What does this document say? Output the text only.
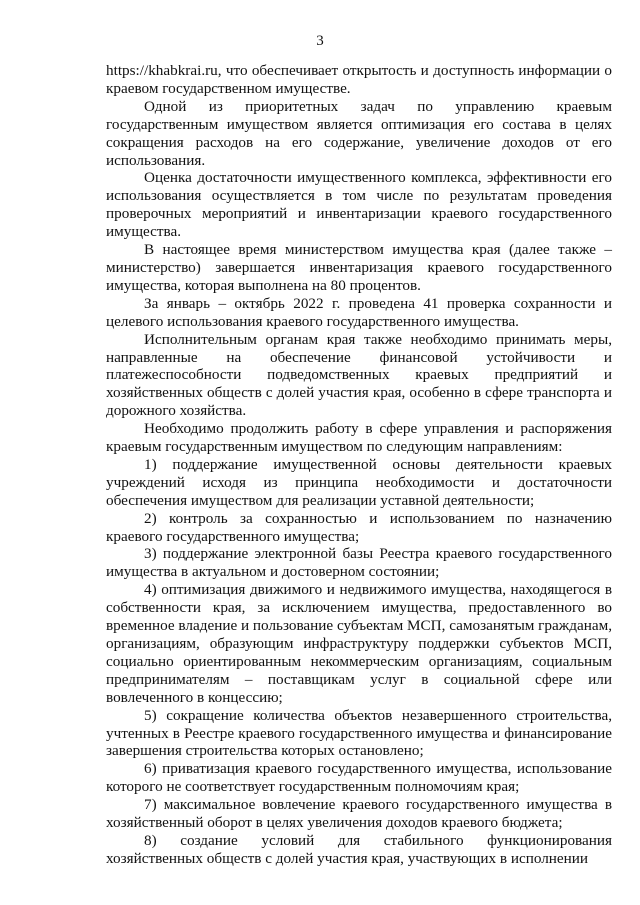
3

https://khabkrai.ru, что обеспечивает открытость и доступность информации о краевом государственном имуществе.

Одной из приоритетных задач по управлению краевым государственным имуществом является оптимизация его состава в целях сокращения расходов на его содержание, увеличение доходов от его использования.

Оценка достаточности имущественного комплекса, эффективности его использования осуществляется в том числе по результатам проведения проверочных мероприятий и инвентаризации краевого государственного имущества.

В настоящее время министерством имущества края (далее также – министерство) завершается инвентаризация краевого государственного имущества, которая выполнена на 80 процентов.

За январь – октябрь 2022 г. проведена 41 проверка сохранности и целевого использования краевого государственного имущества.

Исполнительным органам края также необходимо принимать меры, направленные на обеспечение финансовой устойчивости и платежеспособности подведомственных краевых предприятий и хозяйственных обществ с долей участия края, особенно в сфере транспорта и дорожного хозяйства.

Необходимо продолжить работу в сфере управления и распоряжения краевым государственным имуществом по следующим направлениям:

1) поддержание имущественной основы деятельности краевых учреждений исходя из принципа необходимости и достаточности обеспечения имуществом для реализации уставной деятельности;

2) контроль за сохранностью и использованием по назначению краевого государственного имущества;

3) поддержание электронной базы Реестра краевого государственного имущества в актуальном и достоверном состоянии;

4) оптимизация движимого и недвижимого имущества, находящегося в собственности края, за исключением имущества, предоставленного во временное владение и пользование субъектам МСП, самозанятым гражданам, организациям, образующим инфраструктуру поддержки субъектов МСП, социально ориентированным некоммерческим организациям, социальным предпринимателям – поставщикам услуг в социальной сфере или вовлеченного в концессию;

5) сокращение количества объектов незавершенного строительства, учтенных в Реестре краевого государственного имущества и финансирование завершения строительства которых остановлено;

6) приватизация краевого государственного имущества, использование которого не соответствует государственным полномочиям края;

7) максимальное вовлечение краевого государственного имущества в хозяйственный оборот в целях увеличения доходов краевого бюджета;

8) создание условий для стабильного функционирования хозяйственных обществ с долей участия края, участвующих в исполнении
